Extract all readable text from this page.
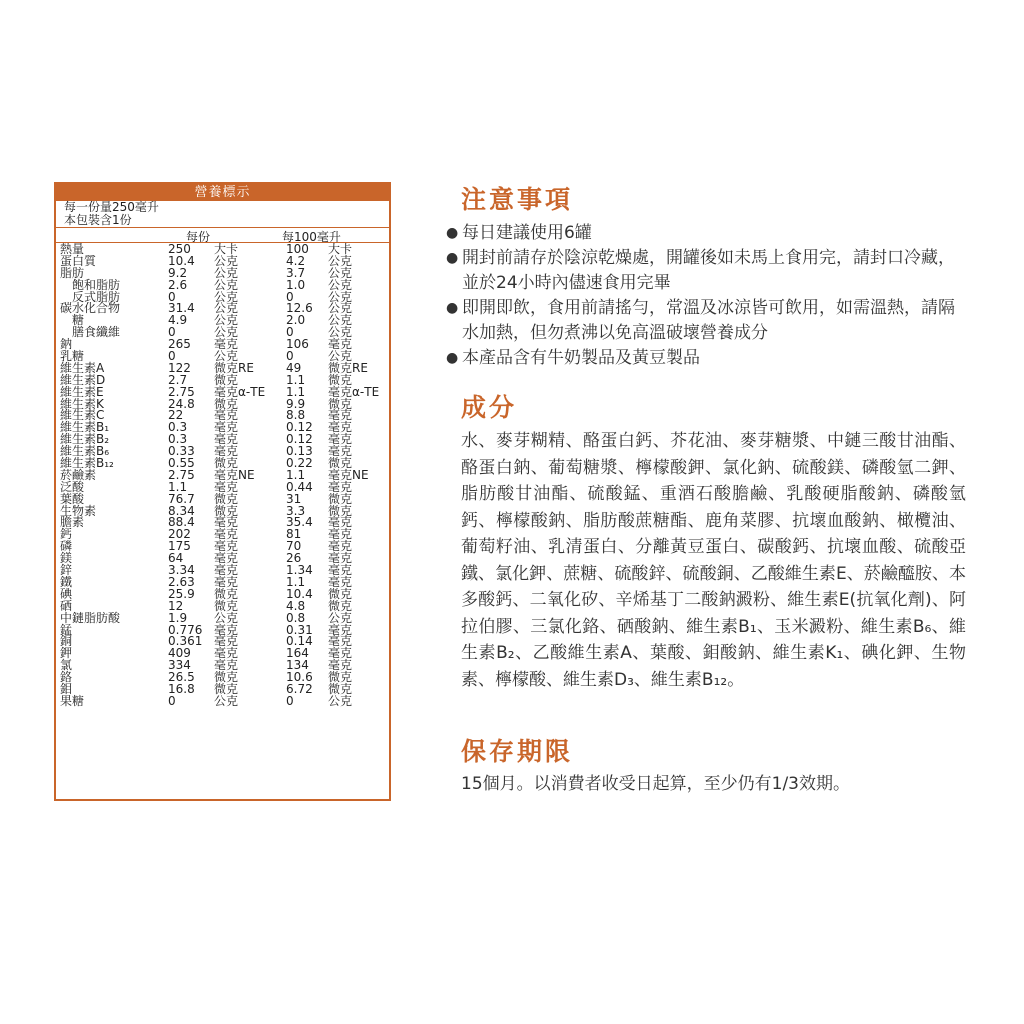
營養標示
每一份量250毫升
本包裝含1份
每份	每100毫升
熱量	250 大卡	100 大卡
蛋白質	10.4 公克	4.2 公克
脂肪	9.2 公克	3.7 公克
　飽和脂肪	2.6 公克	1.0 公克
　反式脂肪	0	公克	0	公克
碳水化合物	31.4 公克	12.6 公克
　糖	4.9 公克	2.0 公克
　膳食纖維	0	公克	0	公克
鈉	265 毫克	106 毫克
乳糖	0	公克	0	公克
維生素A	122 微克RE	49 微克RE
維生素D	2.7 微克	1.1 微克
維生素E	2.75 毫克α-TE 1.1 毫克α-TE
維生素K	24.8 微克	9.9 微克
維生素C	22	毫克	8.8 毫克
維生素B₁	0.3 毫克	0.12 毫克
維生素B₂	0.3 毫克	0.12 毫克
維生素B₆	0.33 毫克	0.13 毫克
維生素B₁₂	0.55 微克	0.22 微克
菸鹼素	2.75 毫克NE	1.1 毫克NE
泛酸	1.1 毫克	0.44 毫克
葉酸	76.7 微克	31 微克
生物素	8.34 微克	3.3 微克
膽素	88.4 毫克	35.4 毫克
鈣	202 毫克	81 毫克
磷	175 毫克	70 毫克
鎂	64	毫克	26 毫克
鋅	3.34 毫克	1.34 毫克
鐵	2.63 毫克	1.1 毫克
碘	25.9 微克	10.4 微克
硒	12	微克	4.8 微克
中鏈脂肪酸	1.9 公克	0.8 公克
錳	0.776 毫克	0.31 毫克
銅	0.361 毫克	0.14 毫克
鉀	409 毫克	164 毫克
氯	334 毫克	134 毫克
鉻	26.5 微克	10.6 微克
鉬	16.8 微克	6.72 微克
果糖	0	公克	0	公克
注意事項
● 每日建議使用6罐
● 開封前請存於陰涼乾燥處，開罐後如未馬上食用完，請封口冷藏，並於24小時內儘速食用完畢
● 即開即飲，食用前請搖勻，常溫及冰涼皆可飲用，如需溫熱，請隔水加熱，但勿煮沸以免高溫破壞營養成分
● 本產品含有牛奶製品及黃豆製品
成分
水、麥芽糊精、酪蛋白鈣、芥花油、麥芽糖漿、中鏈三酸甘油酯、酪蛋白鈉、葡萄糖漿、檸檬酸鉀、氯化鈉、硫酸鎂、磷酸氫二鉀、脂肪酸甘油酯、硫酸錳、重酒石酸膽鹼、乳酸硬脂酸鈉、磷酸氫鈣、檸檬酸鈉、脂肪酸蔗糖酯、鹿角菜膠、抗壞血酸鈉、橄欖油、葡萄籽油、乳清蛋白、分離黃豆蛋白、碳酸鈣、抗壞血酸、硫酸亞鐵、氯化鉀、蔗糖、硫酸鋅、硫酸銅、乙酸維生素E、菸鹼醯胺、本多酸鈣、二氧化矽、辛烯基丁二酸鈉澱粉、維生素E(抗氧化劑)、阿拉伯膠、三氯化鉻、硒酸鈉、維生素B₁、玉米澱粉、維生素B₆、維生素B₂、乙酸維生素A、葉酸、鉬酸鈉、維生素K₁、碘化鉀、生物素、檸檬酸、維生素D₃、維生素B₁₂。
保存期限
15個月。以消費者收受日起算，至少仍有1/3效期。
